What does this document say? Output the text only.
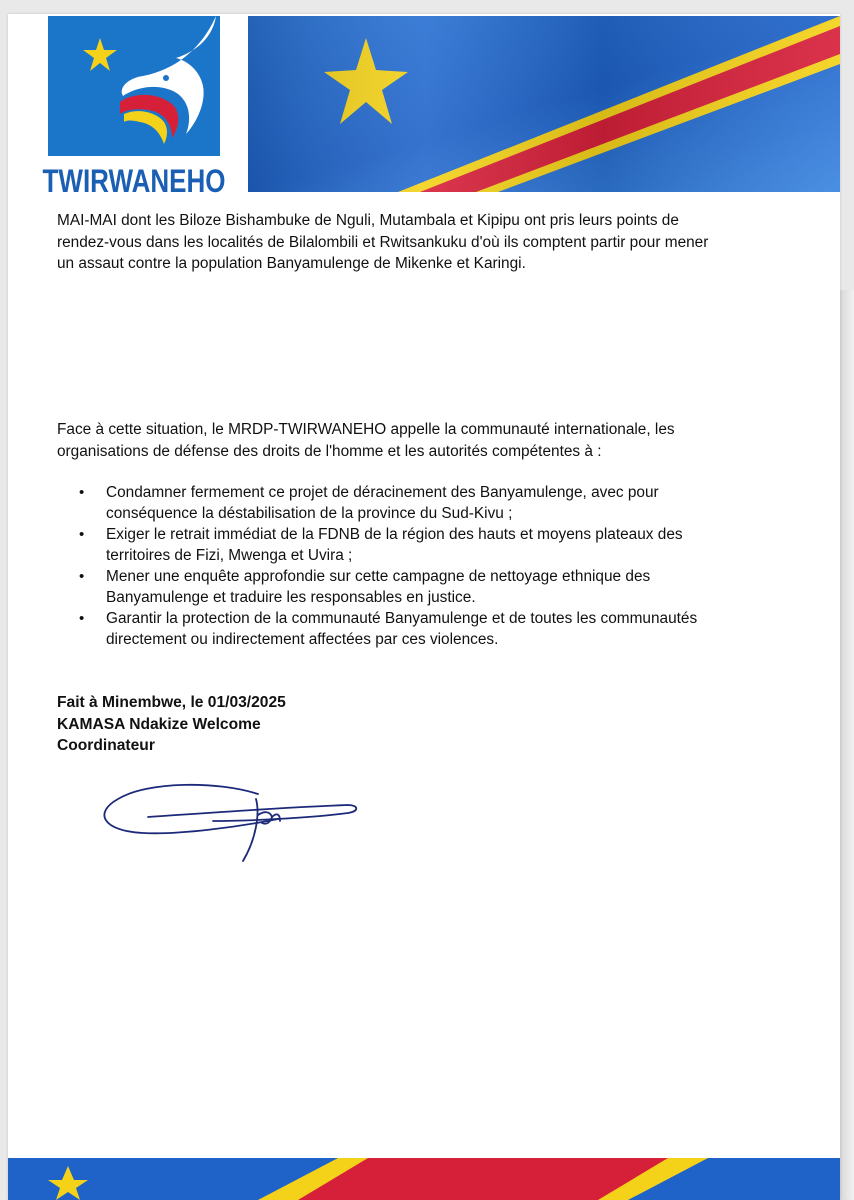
TWIRWANEHO
MAI-MAI dont les Biloze Bishambuke de Nguli, Mutambala et Kipipu ont pris leurs points de
rendez-vous dans les localités de Bilalombili et Rwitsankuku d'où ils comptent partir pour mener
un assaut contre la population Banyamulenge de Mikenke et Karingi.
Face à cette situation, le MRDP-TWIRWANEHO appelle la communauté internationale, les
organisations de défense des droits de l'homme et les autorités compétentes à :
• Condamner fermement ce projet de déracinement des Banyamulenge, avec pour
conséquence la déstabilisation de la province du Sud-Kivu ;
• Exiger le retrait immédiat de la FDNB de la région des hauts et moyens plateaux des
territoires de Fizi, Mwenga et Uvira ;
• Mener une enquête approfondie sur cette campagne de nettoyage ethnique des
Banyamulenge et traduire les responsables en justice.
• Garantir la protection de la communauté Banyamulenge et de toutes les communautés
directement ou indirectement affectées par ces violences.
Fait à Minembwe, le 01/03/2025
KAMASA Ndakize Welcome
Coordinateur
